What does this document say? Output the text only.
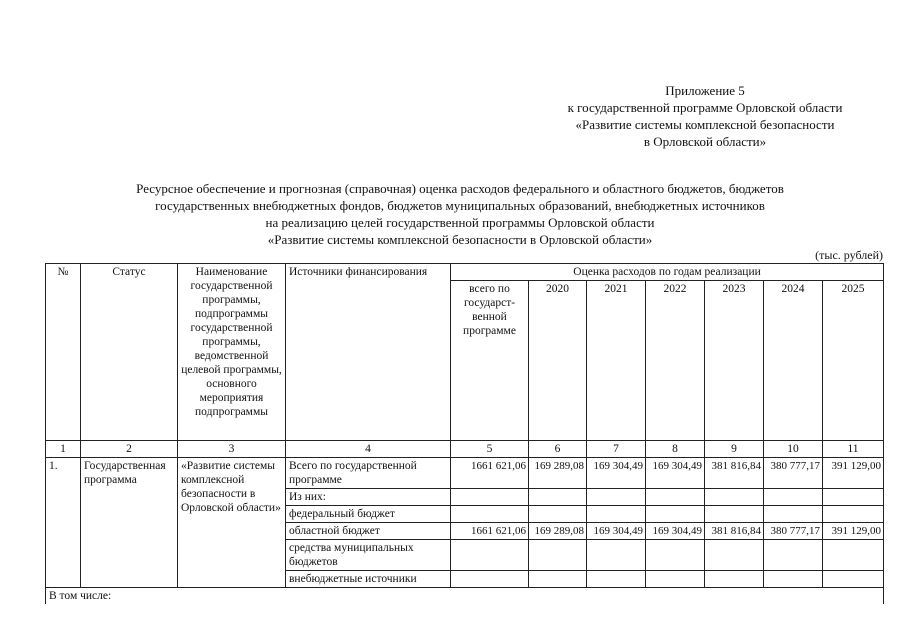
Приложение 5
к государственной программе Орловской области
«Развитие системы комплексной безопасности
в Орловской области»
Ресурсное обеспечение и прогнозная (справочная) оценка расходов федерального и областного бюджетов, бюджетов
государственных внебюджетных фондов, бюджетов муниципальных образований, внебюджетных источников
на реализацию целей государственной программы Орловской области
«Развитие системы комплексной безопасности в Орловской области»
(тыс. рублей)
№	Статус	Наименование государственной программы, подпрограммы государственной программы, ведомственной целевой программы, основного мероприятия подпрограммы	Источники финансирования	Оценка расходов по годам реализации						
				всего по государст-венной программе	2020	2021	2022	2023	2024	2025
1	2	3	4	5	6	7	8	9	10	11
1.	Государственная программа	«Развитие системы комплексной безопасности в Орловской области»	Всего по государственной программе	1661 621,06	169 289,08	169 304,49	169 304,49	381 816,84	380 777,17	391 129,00
			Из них:							
			федеральный бюджет							
			областной бюджет	1661 621,06	169 289,08	169 304,49	169 304,49	381 816,84	380 777,17	391 129,00
			средства муниципальных бюджетов							
			внебюджетные источники							
В том числе:										
